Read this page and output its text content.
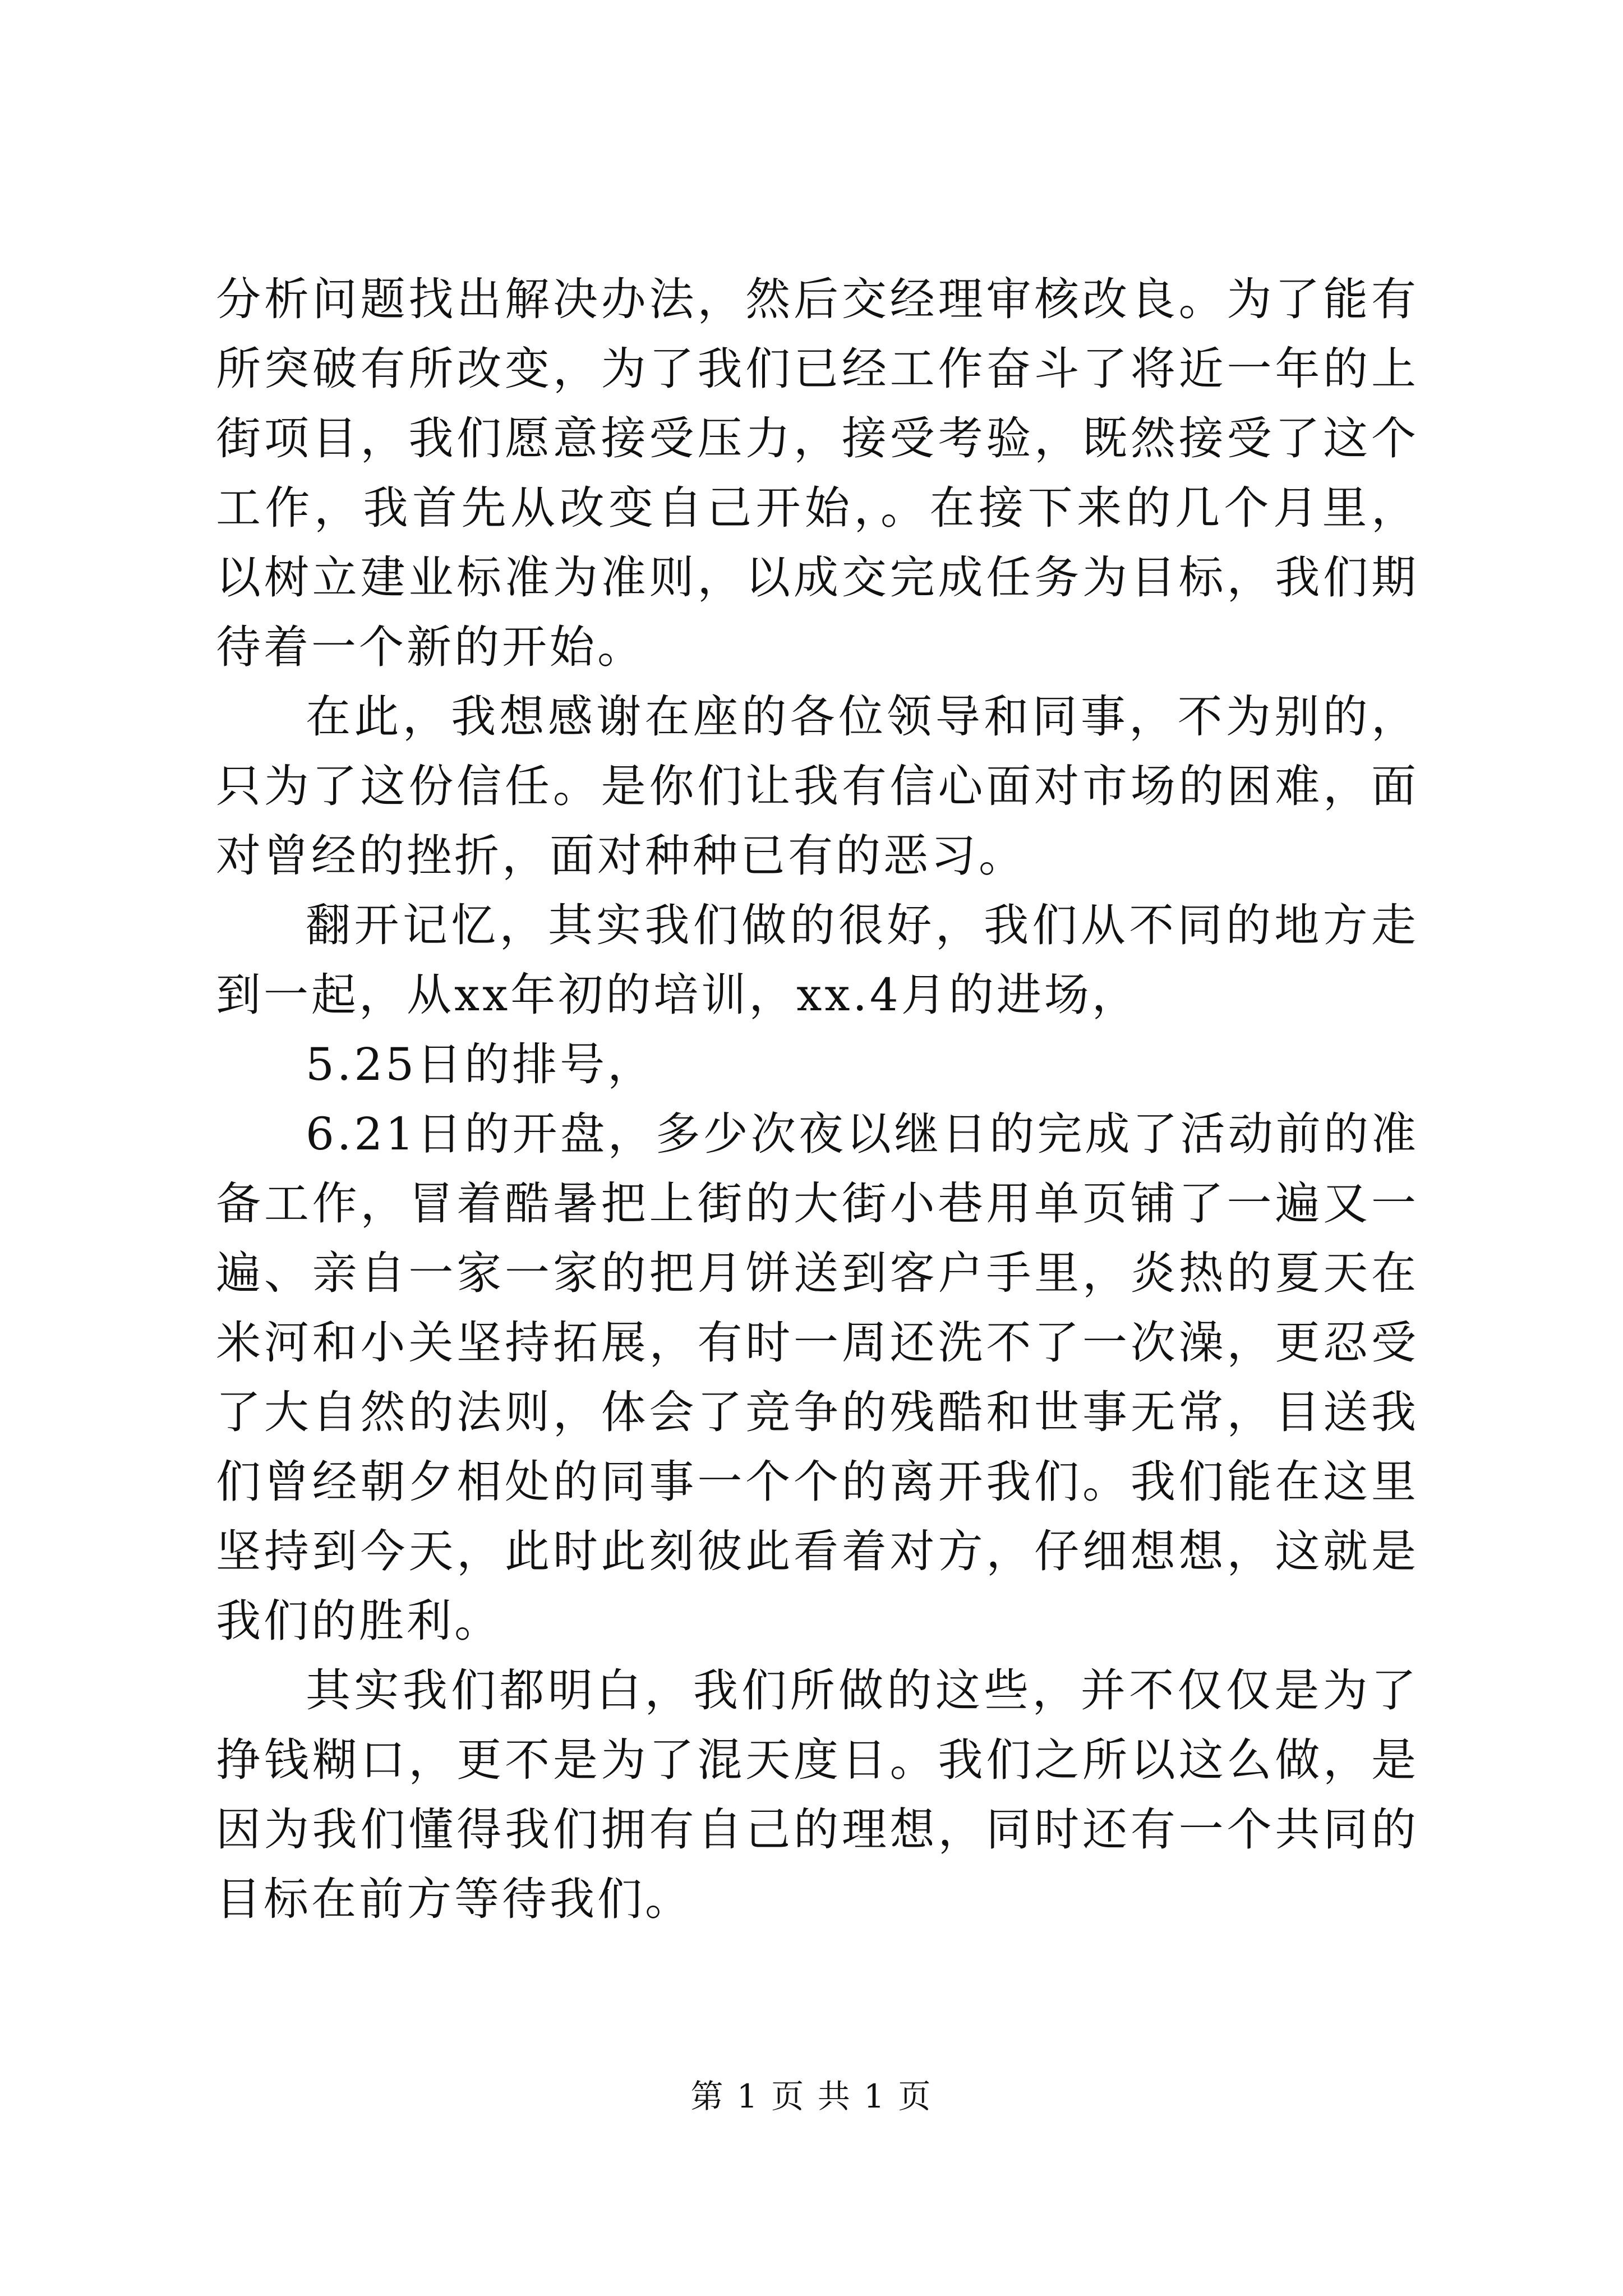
分析问题找出解决办法，然后交经理审核改良。为了能有所突破有所改变，为了我们已经工作奋斗了将近一年的上街项目，我们愿意接受压力，接受考验，既然接受了这个工作，我首先从改变自己开始，。在接下来的几个月里，以树立建业标准为准则，以成交完成任务为目标，我们期待着一个新的开始。

在此，我想感谢在座的各位领导和同事，不为别的，只为了这份信任。是你们让我有信心面对市场的困难，面对曾经的挫折，面对种种已有的恶习。

翻开记忆，其实我们做的很好，我们从不同的地方走到一起，从xx年初的培训，xx.4月的进场，

5.25日的排号，

6.21日的开盘，多少次夜以继日的完成了活动前的准备工作，冒着酷暑把上街的大街小巷用单页铺了一遍又一遍、亲自一家一家的把月饼送到客户手里，炎热的夏天在米河和小关坚持拓展，有时一周还洗不了一次澡，更忍受了大自然的法则，体会了竞争的残酷和世事无常，目送我们曾经朝夕相处的同事一个个的离开我们。我们能在这里坚持到今天，此时此刻彼此看着对方，仔细想想，这就是我们的胜利。

其实我们都明白，我们所做的这些，并不仅仅是为了挣钱糊口，更不是为了混天度日。我们之所以这么做，是因为我们懂得我们拥有自己的理想，同时还有一个共同的目标在前方等待我们。

第 1 页 共 1 页
